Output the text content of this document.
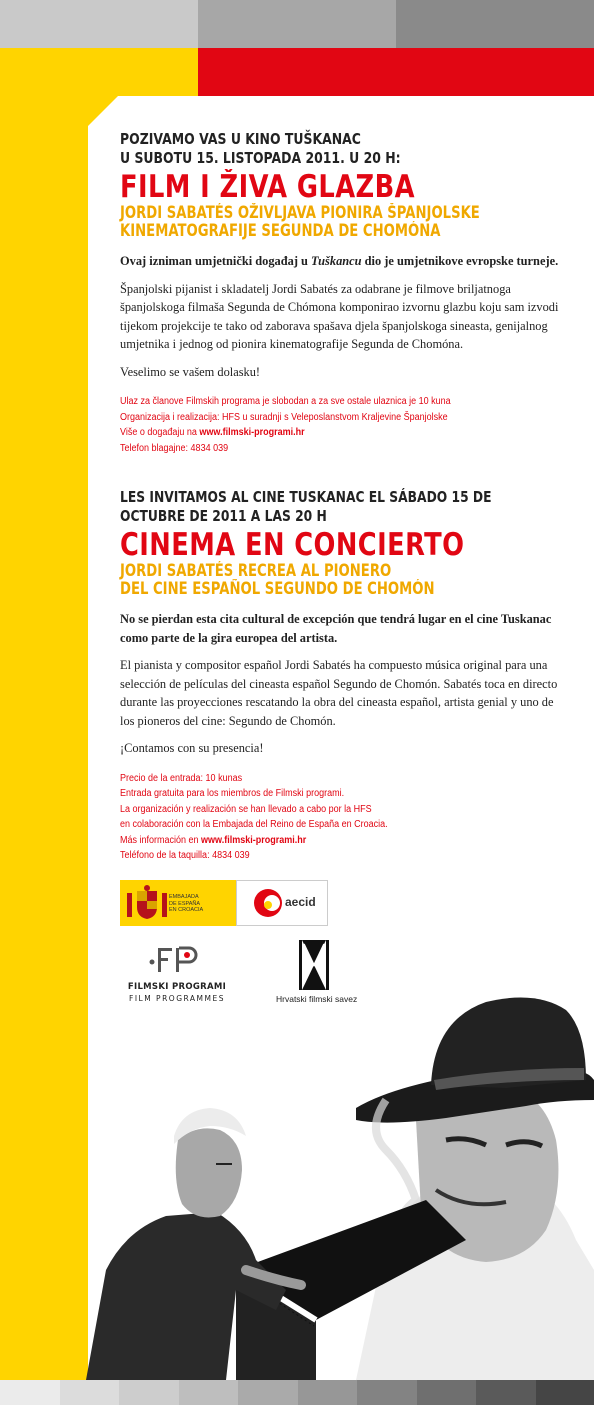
POZIVAMO VAS U KINO TUŠKANAC
U SUBOTU 15. LISTOPADA 2011. U 20 H:
FILM I ŽIVA GLAZBA
JORDI SABATÉS OŽIVLJAVA PIONIRA ŠPANJOLSKE
KINEMATOGRAFIJE SEGUNDA DE CHOMÓNA

Ovaj izniman umjetnički događaj u Tuškancu dio je umjetnikove evropske turneje.

Španjolski pijanist i skladatelj Jordi Sabatés za odabrane je filmove briljatnoga španjolskoga filmaša Segunda de Chómona komponirao izvornu glazbu koju sam izvodi tijekom projekcije te tako od zaborava spašava djela španjolskoga sineasta, genijalnog umjetnika i jednog od pionira kinematografije Segunda de Chomóna.

Veselimo se vašem dolasku!

Ulaz za članove Filmskih programa je slobodan a za sve ostale ulaznica je 10 kuna
Organizacija i realizacija: HFS u suradnji s Veleposlanstvom Kraljevine Španjolske
Više o događaju na www.filmski-programi.hr
Telefon blagajne: 4834 039
LES INVITAMOS AL CINE TUSKANAC EL SÁBADO 15 DE
OCTUBRE DE 2011 A LAS 20 H
CINEMA EN CONCIERTO
JORDI SABATÉS RECREA AL PIONERO
DEL CINE ESPAÑOL SEGUNDO DE CHOMÓN

No se pierdan esta cita cultural de excepción que tendrá lugar en el cine Tuskanac como parte de la gira europea del artista.

El pianista y compositor español Jordi Sabatés ha compuesto música original para una selección de películas del cineasta español Segundo de Chomón. Sabatés toca en directo durante las proyecciones rescatando la obra del cineasta español, artista genial y uno de los pioneros del cine: Segundo de Chomón.

¡Contamos con su presencia!

Precio de la entrada: 10 kunas
Entrada gratuita para los miembros de Filmski programi.
La organización y realización se han llevado a cabo por la HFS
en colaboración con la Embajada del Reino de España en Croacia.
Más información en www.filmski-programi.hr
Teléfono de la taquilla: 4834 039
EMBAJADA
DE ESPAÑA
EN CROACIA
aecid
FILMSKI PROGRAMI
FILM PROGRAMMES	Hrvatski filmski savez
